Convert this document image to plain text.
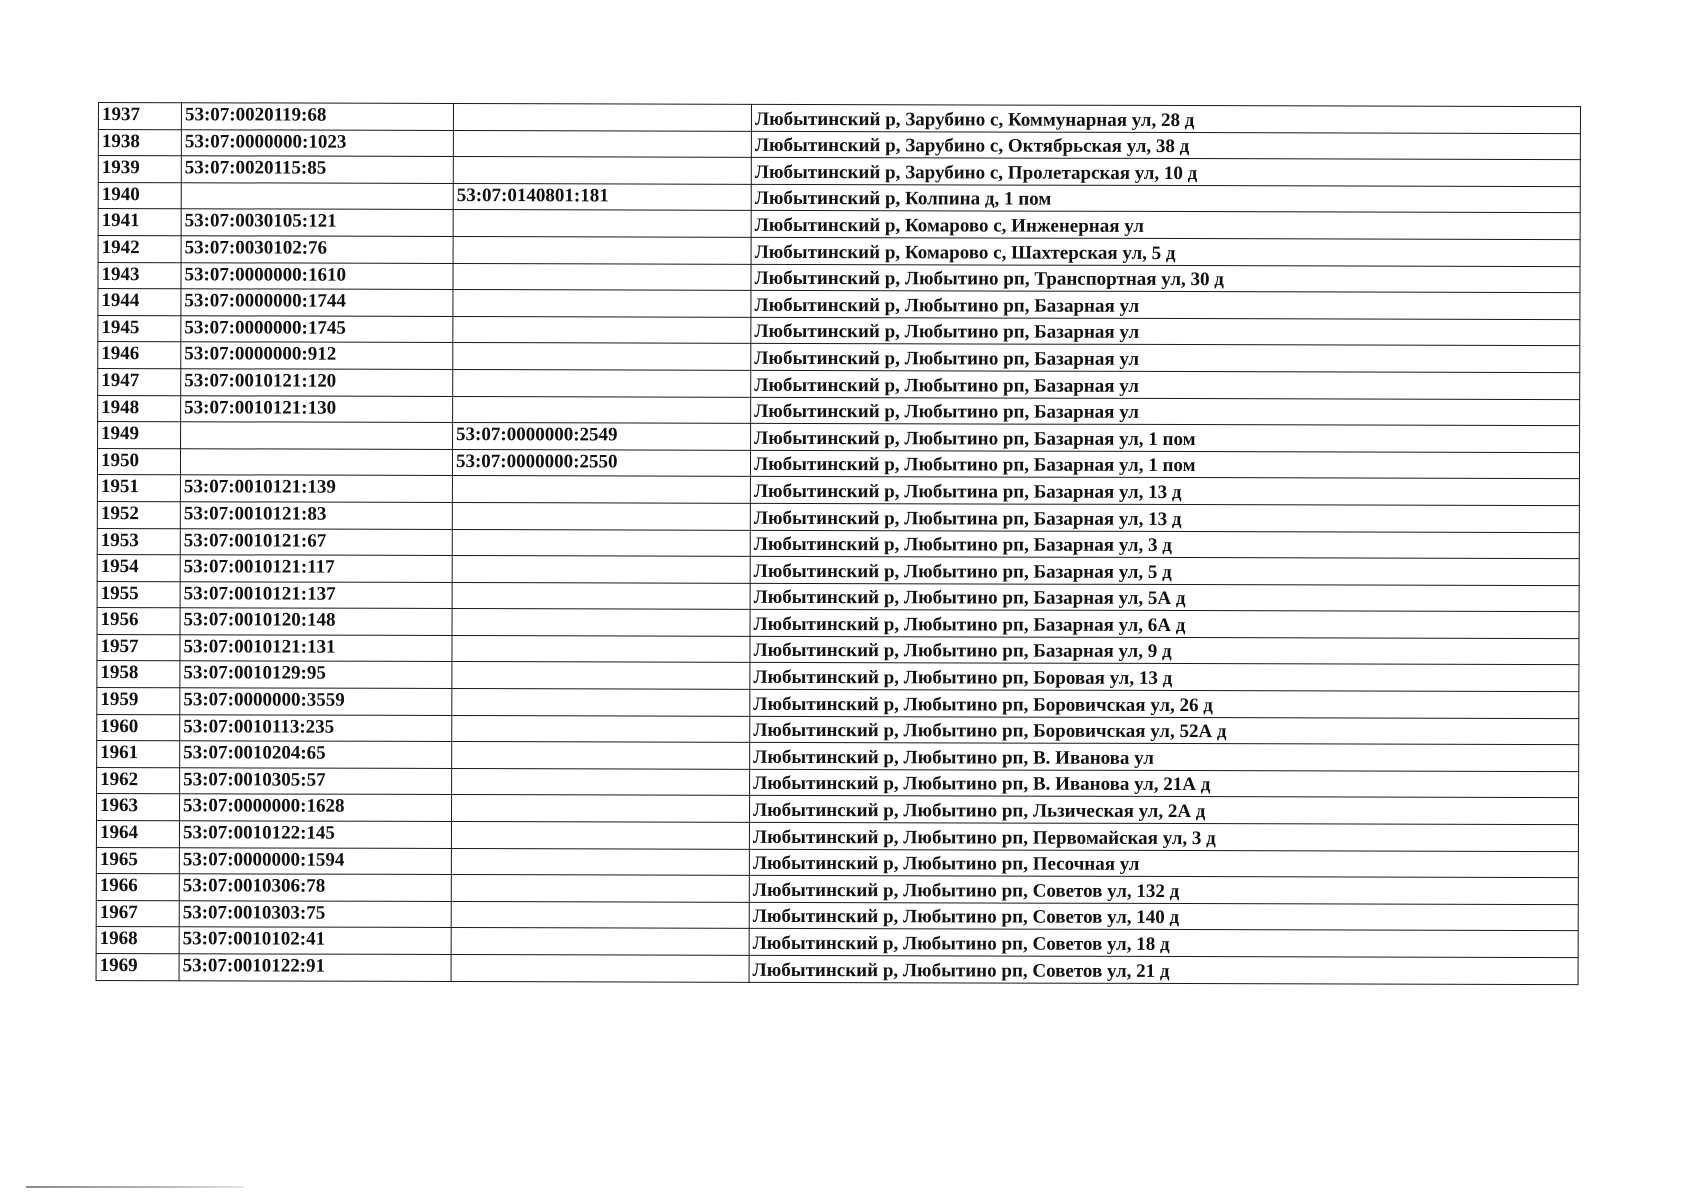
1937	53:07:0020119:68		Любытинский р, Зарубино с, Коммунарная ул, 28 д
1938	53:07:0000000:1023		Любытинский р, Зарубино с, Октябрьская ул, 38 д
1939	53:07:0020115:85		Любытинский р, Зарубино с, Пролетарская ул, 10 д
1940		53:07:0140801:181	Любытинский р, Колпина д, 1 пом
1941	53:07:0030105:121		Любытинский р, Комарово с, Инженерная ул
1942	53:07:0030102:76		Любытинский р, Комарово с, Шахтерская ул, 5 д
1943	53:07:0000000:1610		Любытинский р, Любытино рп, Транспортная ул, 30 д
1944	53:07:0000000:1744		Любытинский р, Любытино рп, Базарная ул
1945	53:07:0000000:1745		Любытинский р, Любытино рп, Базарная ул
1946	53:07:0000000:912		Любытинский р, Любытино рп, Базарная ул
1947	53:07:0010121:120		Любытинский р, Любытино рп, Базарная ул
1948	53:07:0010121:130		Любытинский р, Любытино рп, Базарная ул
1949		53:07:0000000:2549	Любытинский р, Любытино рп, Базарная ул, 1 пом
1950		53:07:0000000:2550	Любытинский р, Любытино рп, Базарная ул, 1 пом
1951	53:07:0010121:139		Любытинский р, Любытина рп, Базарная ул, 13 д
1952	53:07:0010121:83		Любытинский р, Любытина рп, Базарная ул, 13 д
1953	53:07:0010121:67		Любытинский р, Любытино рп, Базарная ул, 3 д
1954	53:07:0010121:117		Любытинский р, Любытино рп, Базарная ул, 5 д
1955	53:07:0010121:137		Любытинский р, Любытино рп, Базарная ул, 5А д
1956	53:07:0010120:148		Любытинский р, Любытино рп, Базарная ул, 6А д
1957	53:07:0010121:131		Любытинский р, Любытино рп, Базарная ул, 9 д
1958	53:07:0010129:95		Любытинский р, Любытино рп, Боровая ул, 13 д
1959	53:07:0000000:3559		Любытинский р, Любытино рп, Боровичская ул, 26 д
1960	53:07:0010113:235		Любытинский р, Любытино рп, Боровичская ул, 52А д
1961	53:07:0010204:65		Любытинский р, Любытино рп, В. Иванова ул
1962	53:07:0010305:57		Любытинский р, Любытино рп, В. Иванова ул, 21А д
1963	53:07:0000000:1628		Любытинский р, Любытино рп, Льзическая ул, 2А д
1964	53:07:0010122:145		Любытинский р, Любытино рп, Первомайская ул, 3 д
1965	53:07:0000000:1594		Любытинский р, Любытино рп, Песочная ул
1966	53:07:0010306:78		Любытинский р, Любытино рп, Советов ул, 132 д
1967	53:07:0010303:75		Любытинский р, Любытино рп, Советов ул, 140 д
1968	53:07:0010102:41		Любытинский р, Любытино рп, Советов ул, 18 д
1969	53:07:0010122:91		Любытинский р, Любытино рп, Советов ул, 21 д
